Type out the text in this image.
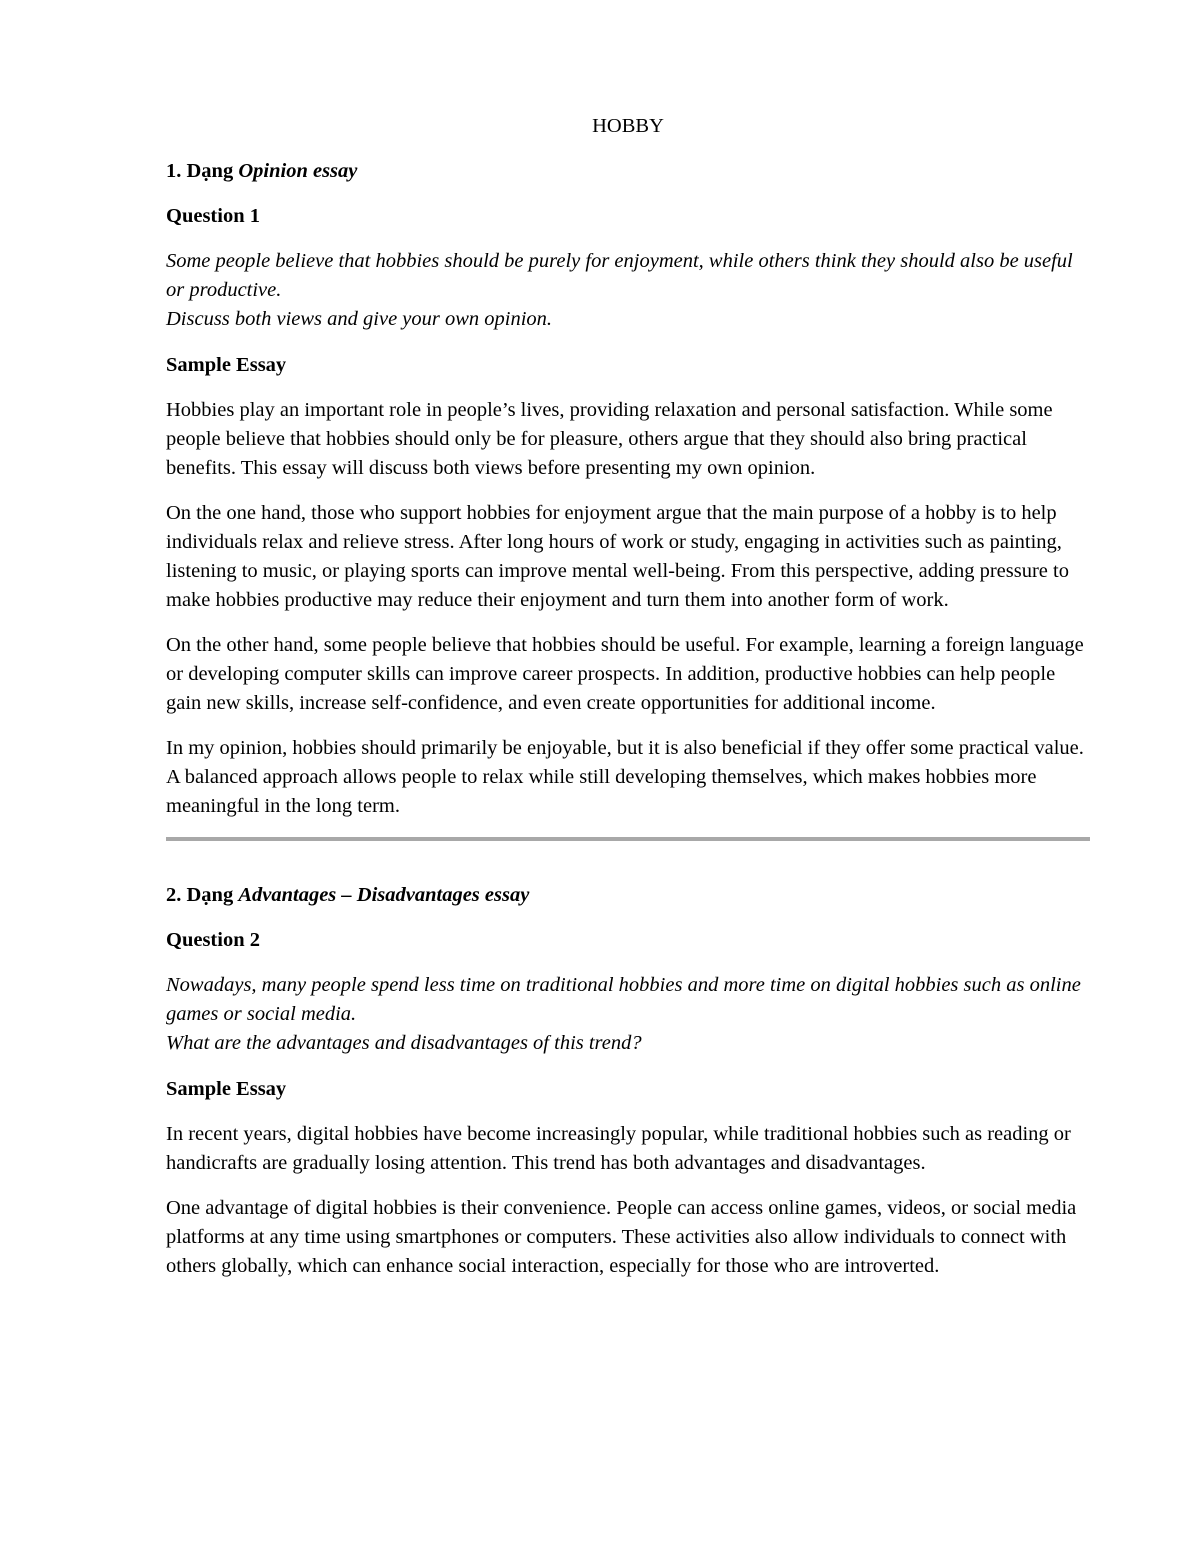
HOBBY
1. Dạng Opinion essay
Question 1
Some people believe that hobbies should be purely for enjoyment, while others think they should also be useful or productive.
Discuss both views and give your own opinion.
Sample Essay

Hobbies play an important role in people’s lives, providing relaxation and personal satisfaction. While some people believe that hobbies should only be for pleasure, others argue that they should also bring practical benefits. This essay will discuss both views before presenting my own opinion.

On the one hand, those who support hobbies for enjoyment argue that the main purpose of a hobby is to help individuals relax and relieve stress. After long hours of work or study, engaging in activities such as painting, listening to music, or playing sports can improve mental well-being. From this perspective, adding pressure to make hobbies productive may reduce their enjoyment and turn them into another form of work.

On the other hand, some people believe that hobbies should be useful. For example, learning a foreign language or developing computer skills can improve career prospects. In addition, productive hobbies can help people gain new skills, increase self-confidence, and even create opportunities for additional income.

In my opinion, hobbies should primarily be enjoyable, but it is also beneficial if they offer some practical value. A balanced approach allows people to relax while still developing themselves, which makes hobbies more meaningful in the long term.

2. Dạng Advantages – Disadvantages essay
Question 2
Nowadays, many people spend less time on traditional hobbies and more time on digital hobbies such as online games or social media.
What are the advantages and disadvantages of this trend?
Sample Essay

In recent years, digital hobbies have become increasingly popular, while traditional hobbies such as reading or handicrafts are gradually losing attention. This trend has both advantages and disadvantages.

One advantage of digital hobbies is their convenience. People can access online games, videos, or social media platforms at any time using smartphones or computers. These activities also allow individuals to connect with others globally, which can enhance social interaction, especially for those who are introverted.
